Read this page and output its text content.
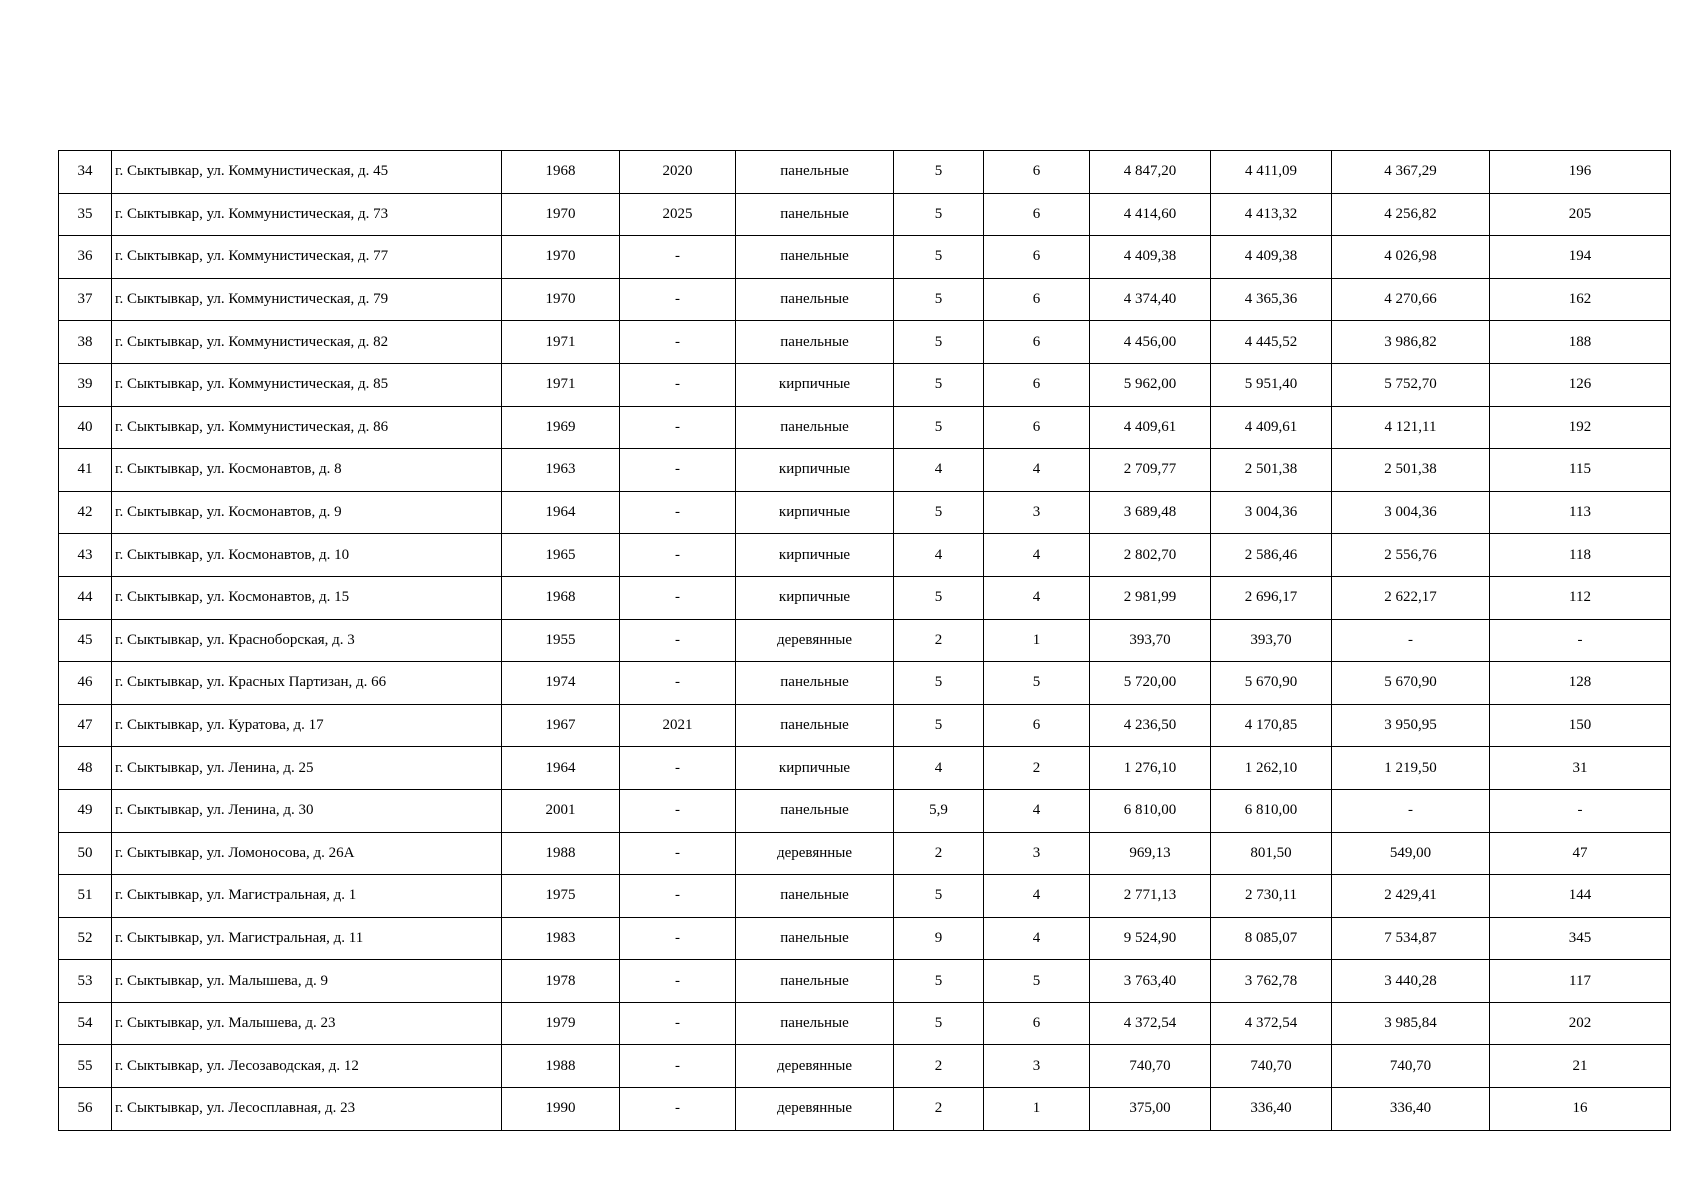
34	г. Сыктывкар, ул. Коммунистическая, д. 45	1968	2020	панельные	5	6	4 847,20	4 411,09	4 367,29	196
35	г. Сыктывкар, ул. Коммунистическая, д. 73	1970	2025	панельные	5	6	4 414,60	4 413,32	4 256,82	205
36	г. Сыктывкар, ул. Коммунистическая, д. 77	1970	-	панельные	5	6	4 409,38	4 409,38	4 026,98	194
37	г. Сыктывкар, ул. Коммунистическая, д. 79	1970	-	панельные	5	6	4 374,40	4 365,36	4 270,66	162
38	г. Сыктывкар, ул. Коммунистическая, д. 82	1971	-	панельные	5	6	4 456,00	4 445,52	3 986,82	188
39	г. Сыктывкар, ул. Коммунистическая, д. 85	1971	-	кирпичные	5	6	5 962,00	5 951,40	5 752,70	126
40	г. Сыктывкар, ул. Коммунистическая, д. 86	1969	-	панельные	5	6	4 409,61	4 409,61	4 121,11	192
41	г. Сыктывкар, ул. Космонавтов, д. 8	1963	-	кирпичные	4	4	2 709,77	2 501,38	2 501,38	115
42	г. Сыктывкар, ул. Космонавтов, д. 9	1964	-	кирпичные	5	3	3 689,48	3 004,36	3 004,36	113
43	г. Сыктывкар, ул. Космонавтов, д. 10	1965	-	кирпичные	4	4	2 802,70	2 586,46	2 556,76	118
44	г. Сыктывкар, ул. Космонавтов, д. 15	1968	-	кирпичные	5	4	2 981,99	2 696,17	2 622,17	112
45	г. Сыктывкар, ул. Красноборская, д. 3	1955	-	деревянные	2	1	393,70	393,70	-	-
46	г. Сыктывкар, ул. Красных Партизан, д. 66	1974	-	панельные	5	5	5 720,00	5 670,90	5 670,90	128
47	г. Сыктывкар, ул. Куратова, д. 17	1967	2021	панельные	5	6	4 236,50	4 170,85	3 950,95	150
48	г. Сыктывкар, ул. Ленина, д. 25	1964	-	кирпичные	4	2	1 276,10	1 262,10	1 219,50	31
49	г. Сыктывкар, ул. Ленина, д. 30	2001	-	панельные	5,9	4	6 810,00	6 810,00	-	-
50	г. Сыктывкар, ул. Ломоносова, д. 26А	1988	-	деревянные	2	3	969,13	801,50	549,00	47
51	г. Сыктывкар, ул. Магистральная, д. 1	1975	-	панельные	5	4	2 771,13	2 730,11	2 429,41	144
52	г. Сыктывкар, ул. Магистральная, д. 11	1983	-	панельные	9	4	9 524,90	8 085,07	7 534,87	345
53	г. Сыктывкар, ул. Малышева, д. 9	1978	-	панельные	5	5	3 763,40	3 762,78	3 440,28	117
54	г. Сыктывкар, ул. Малышева, д. 23	1979	-	панельные	5	6	4 372,54	4 372,54	3 985,84	202
55	г. Сыктывкар, ул. Лесозаводская, д. 12	1988	-	деревянные	2	3	740,70	740,70	740,70	21
56	г. Сыктывкар, ул. Лесосплавная, д. 23	1990	-	деревянные	2	1	375,00	336,40	336,40	16
